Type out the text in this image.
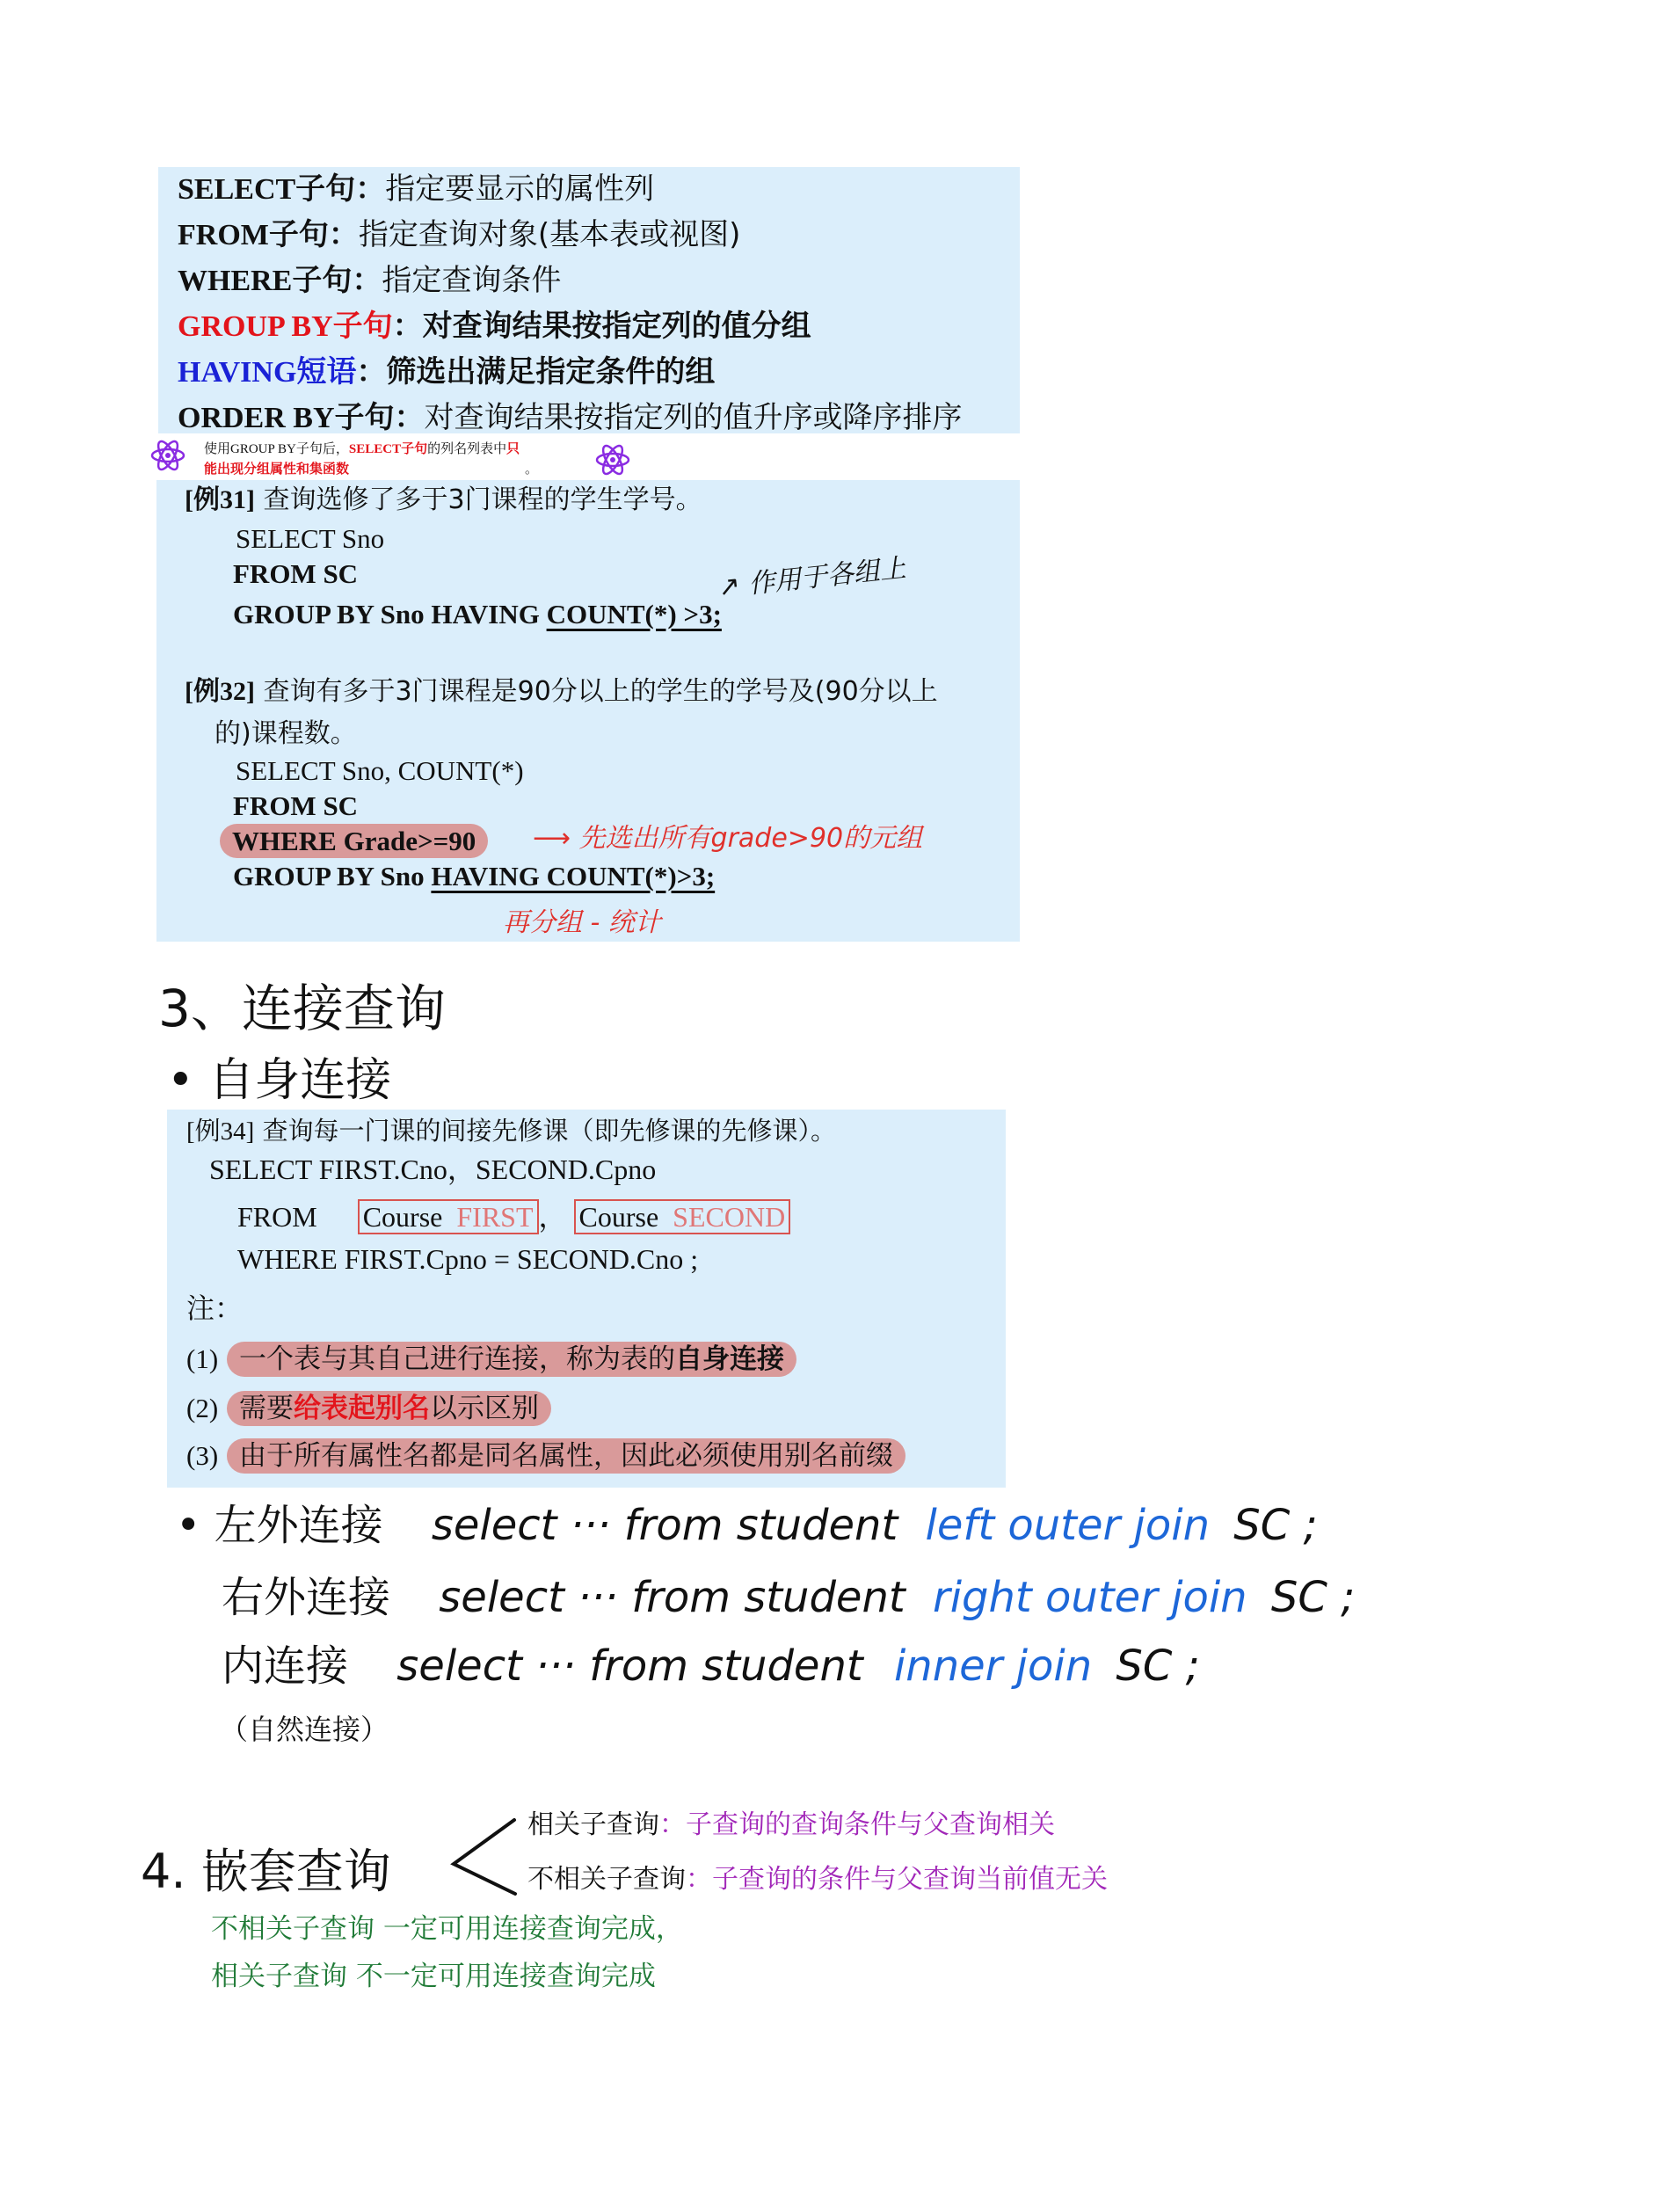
SELECT子句：指定要显示的属性列
FROM子句：指定查询对象(基本表或视图)
WHERE子句：指定查询条件
GROUP BY子句：对查询结果按指定列的值分组
HAVING短语：筛选出满足指定条件的组
ORDER BY子句：对查询结果按指定列的值升序或降序排序
使用GROUP BY子句后，SELECT子句的列名列表中只
能出现分组属性和集函数	。
[例31] 查询选修了多于3门课程的学生学号。
SELECT Sno
FROM SC
GROUP BY Sno HAVING COUNT(*) >3;
↗ 作用于各组上
[例32] 查询有多于3门课程是90分以上的学生的学号及(90分以上
的)课程数。
SELECT Sno, COUNT(*)
FROM SC
WHERE Grade>=90
GROUP BY Sno HAVING COUNT(*)>3;
⟶ 先选出所有grade>90的元组
再分组 - 统计
3、连接查询
• 自身连接
[例34] 查询每一门课的间接先修课（即先修课的先修课）。
SELECT FIRST.Cno，SECOND.Cpno
FROM Course FIRST ， Course SECOND
WHERE FIRST.Cpno = SECOND.Cno ;
注：
(1) 一个表与其自己进行连接，称为表的自身连接
(2) 需要给表起别名以示区别
(3) 由于所有属性名都是同名属性，因此必须使用别名前缀
• 左外连接 select ··· from student left outer join SC ;
右外连接 select ··· from student right outer join SC ;
内连接 select ··· from student inner join SC ;
（自然连接）
4. 嵌套查询
相关子查询：子查询的查询条件与父查询相关
不相关子查询：子查询的条件与父查询当前值无关
不相关子查询 一定可用连接查询完成，
相关子查询 不一定可用连接查询完成
